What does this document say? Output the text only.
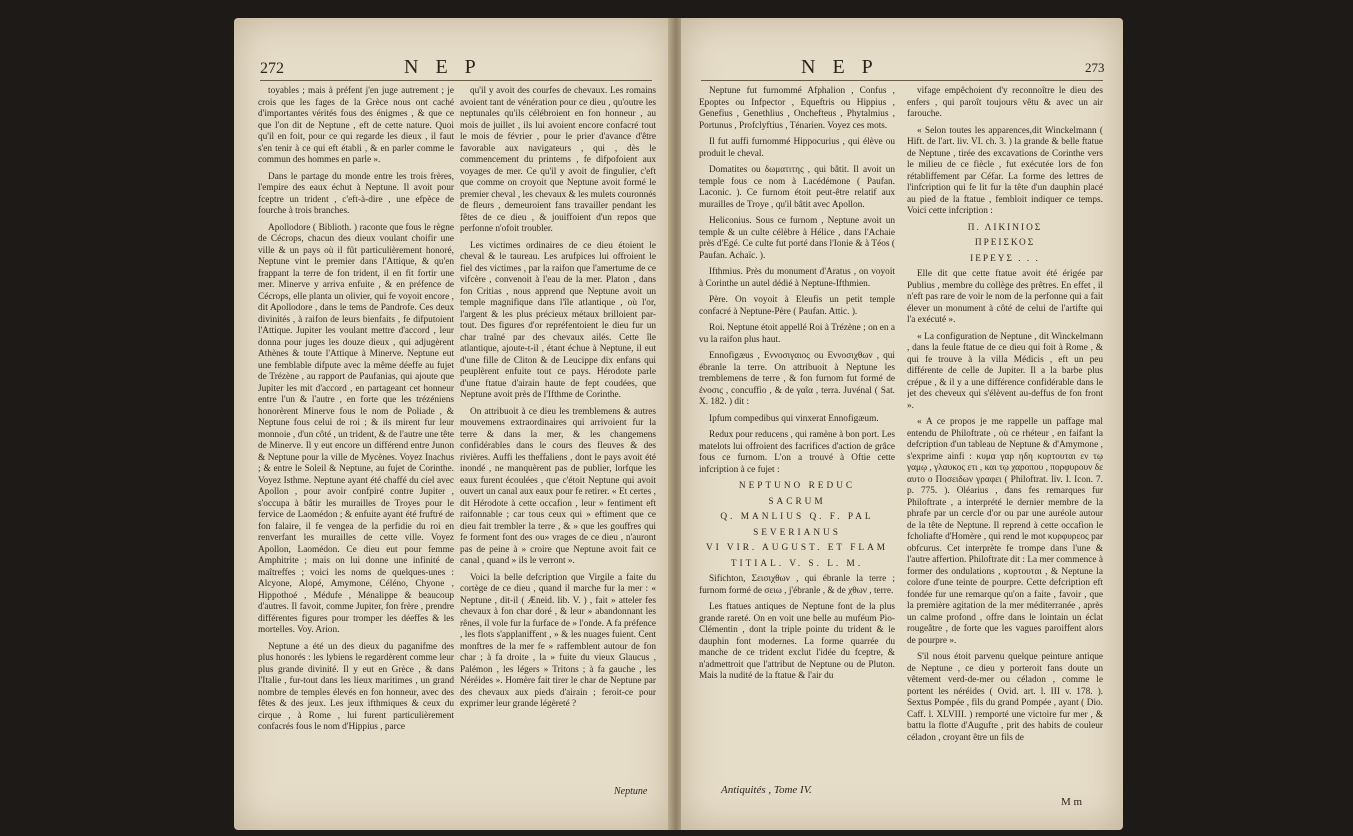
272	N E P

toyables ; mais à préfent j'en juge autrement ; je crois que les fages de la Grèce nous ont caché d'importantes vérités fous des énigmes , & que ce que l'on dit de Neptune , eft de cette nature. Quoi qu'il en foit, pour ce qui regarde les dieux , il faut s'en tenir à ce qui eft établi , & en parler comme le commun des hommes en parle ».

Dans le partage du monde entre les trois frères, l'empire des eaux échut à Neptune. Il avoit pour fceptre un trident , c'eft-à-dire , une efpèce de fourche à trois branches.

Apollodore ( Biblioth. ) raconte que fous le règne de Cécrops, chacun des dieux voulant choifir une ville & un pays où il fût particulièrement honoré, Neptune vint le premier dans l'Attique, & qu'en frappant la terre de fon trident, il en fit fortir une mer. Minerve y arriva enfuite , & en préfence de Cécrops, elle planta un olivier, qui fe voyoit encore , dit Apollodore , dans le tems de Pandrofe. Ces deux divinités , à raifon de leurs bienfaits , fe difputoient l'Attique. Jupiter les voulant mettre d'accord , leur donna pour juges les douze dieux , qui adjugèrent Athènes & toute l'Attique à Minerve. Neptune eut une femblable difpute avec la même déeffe au fujet de Trézène , au rapport de Paufanias, qui ajoute que Jupiter les mit d'accord , en partageant cet honneur entre l'un & l'autre , en forte que les trézéniens honorèrent Minerve fous le nom de Poliade , & Neptune fous celui de roi ; & ils mirent fur leur monnoie , d'un côté , un trident, & de l'autre une tête de Minerve. Il y eut encore un différend entre Junon & Neptune pour la ville de Mycènes. Voyez Inachus ; & entre le Soleil & Neptune, au fujet de Corinthe. Voyez Isthme. Neptune ayant été chaffé du ciel avec Apollon , pour avoir confpiré contre Jupiter , s'occupa à bâtir les murailles de Troyes pour le fervice de Laomédon ; & enfuite ayant été fruftré de fon falaire, il fe vengea de la perfidie du roi en renverfant les murailles de cette ville. Voyez Apollon, Laomédon. Ce dieu eut pour femme Amphitrite ; mais on lui donne une infinité de maîtreffes ; voici les noms de quelques-unes : Alcyone, Alopé, Amymone, Céléno, Chyone , Hippothoé , Médufe , Ménalippe & beaucoup d'autres. Il favoit, comme Jupiter, fon frère , prendre différentes figures pour tromper les déeffes & les mortelles. Voy. Arion.

Neptune a été un des dieux du paganifme des plus honorés : les lybiens le regardèrent comme leur plus grande divinité. Il y eut en Grèce , & dans l'Italie , fur-tout dans les lieux maritimes , un grand nombre de temples élevés en fon honneur, avec des fêtes & des jeux. Les jeux ifthmiques & ceux du cirque , à Rome , lui furent particulièrement confacrés fous le nom d'Hippius , parce

qu'il y avoit des courfes de chevaux. Les romains avoient tant de vénération pour ce dieu , qu'outre les neptunales qu'ils célébroient en fon honneur , au mois de juillet , ils lui avoient encore confacré tout le mois de février , pour le prier d'avance d'être favorable aux navigateurs , qui , dès le commencement du printems , fe difpofoient aux voyages de mer. Ce qu'il y avoit de fingulier, c'eft que comme on croyoit que Neptune avoit formé le premier cheval , les chevaux & les mulets couronnés de fleurs , demeuroient fans travailler pendant les fêtes de ce dieu , & jouiffoient d'un repos que perfonne n'ofoit troubler.

Les victimes ordinaires de ce dieu étoient le cheval & le taureau. Les arufpices lui offroient le fiel des victimes , par la raifon que l'amertume de ce vifcère , convenoit à l'eau de la mer. Platon , dans fon Critias , nous apprend que Neptune avoit un temple magnifique dans l'île atlantique , où l'or, l'argent & les plus précieux métaux brilloient par-tout. Des figures d'or repréfentoient le dieu fur un char traîné par des chevaux ailés. Cette île atlantique, ajoute-t-il , étant échue à Neptune, il eut d'une fille de Cliton & de Leucippe dix enfans qui peuplèrent enfuite tout ce pays. Hérodote parle d'une ftatue d'airain haute de fept coudées, que Neptune avoit près de l'Ifthme de Corinthe.

On attribuoit à ce dieu les tremblemens & autres mouvemens extraordinaires qui arrivoient fur la terre & dans la mer, & les changemens confidérables dans le cours des fleuves & des rivières. Auffi les theffaliens , dont le pays avoit été inondé , ne manquèrent pas de publier, lorfque les eaux furent écoulées , que c'étoit Neptune qui avoit ouvert un canal aux eaux pour fe retirer. « Et certes , dit Hérodote à cette occafion , leur » fentiment eft raifonnable ; car tous ceux qui » eftiment que ce dieu fait trembler la terre , & » que les gouffres qui fe forment font des ou» vrages de ce dieu , n'auront pas de peine à » croire que Neptune avoit fait ce canal , quand » ils le verront ».

Voici la belle defcription que Virgile a faite du cortège de ce dieu , quand il marche fur la mer : « Neptune , dit-il ( Æneid. lib. V. ) , fait » atteler fes chevaux à fon char doré , & leur » abandonnant les rênes, il vole fur la furface de » l'onde. A fa préfence , les flots s'applaniffent , » & les nuages fuient. Cent monftres de la mer fe » raffemblent autour de fon char ; à fa droite , la » fuite du vieux Glaucus , Palémon , les légers » Tritons ; à fa gauche , les Néréides ». Homère fait tirer le char de Neptune par des chevaux aux pieds d'airain ; feroit-ce pour exprimer leur grande légèreté ?

Neptune
N E P	273

Neptune fut furnommé Afphalion , Confus , Epoptes ou Infpector , Equeftris ou Hippius , Genefius , Genethlius , Onchefteus , Phytalmius , Portunus , Profclyftius , Ténarien. Voyez ces mots.

Il fut auffi furnommé Hippocurius , qui élève ou produit le cheval.

Domatites ou δωματιτης , qui bâtit. Il avoit un temple fous ce nom à Lacédémone ( Paufan. Laconic. ). Ce furnom étoit peut-être relatif aux murailles de Troye , qu'il bâtit avec Apollon.

Heliconius. Sous ce furnom , Neptune avoit un temple & un culte célèbre à Hélice , dans l'Achaie près d'Egé. Ce culte fut porté dans l'Ionie & à Téos ( Paufan. Achaïc. ).

Ifthmius. Près du monument d'Aratus , on voyoit à Corinthe un autel dédié à Neptune-Ifthmien.

Père. On voyoit à Eleufis un petit temple confacré à Neptune-Père ( Paufan. Attic. ).

Roi. Neptune étoit appellé Roi à Trézène ; on en a vu la raifon plus haut.

Ennofigæus , Εννοσιγαιος ou Εννοσιχθων , qui ébranle la terre. On attribuoit à Neptune les tremblemens de terre , & fon furnom fut formé de ἐνοσις , concuffio , & de γαῖα , terra. Juvénal ( Sat. X. 182. ) dit :

Ipfum compedibus qui vinxerat Ennofigæum.

Redux pour reducens , qui ramène à bon port. Les matelots lui offroient des facrifices d'action de grâce fous ce furnom. L'on a trouvé à Oftie cette infcription à ce fujet :

NEPTUNO REDUC

SACRUM

Q. MANLIUS Q. F. PAL

SEVERIANUS

VI VIR. AUGUST. ET FLAM

TITIAL. V. S. L. M.

Sifichton, Σεισιχθων , qui ébranle la terre ; furnom formé de σειω , j'ébranle , & de χθων , terre.

Les ftatues antiques de Neptune font de la plus grande rareté. On en voit une belle au muféum Pio-Clémentin , dont la triple pointe du trident & le dauphin font modernes. La forme quarrée du manche de ce trident exclut l'idée du fceptre, & n'admettroit que l'attribut de Neptune ou de Pluton. Mais la nudité de la ftatue & l'air du

Antiquités , Tome IV.

vifage empêchoient d'y reconnoître le dieu des enfers , qui paroît toujours vêtu & avec un air farouche.

« Selon toutes les apparences,dit Winckelmann ( Hift. de l'art. liv. VI. ch. 3. ) la grande & belle ftatue de Neptune , tirée des excavations de Corinthe vers le milieu de ce fiècle , fut exécutée lors de fon rétabliffement par Céfar. La forme des lettres de l'infcription qui fe lit fur la tête d'un dauphin placé au pied de la ftatue , fembloit indiquer ce temps. Voici cette infcription :

Π. ΛΙΚΙΝΙΟΣ

ΠΡΕΙΣΚΟΣ

ΙΕΡΕΥΣ . . .

Elle dit que cette ftatue avoit été érigée par Publius , membre du collège des prêtres. En effet , il n'eft pas rare de voir le nom de la perfonne qui a fait élever un monument à côté de celui de l'artifte qui l'a exécuté ».

« La configuration de Neptune , dit Winckelmann , dans la feule ftatue de ce dieu qui foit à Rome , & qui fe trouve à la villa Médicis , eft un peu différente de celle de Jupiter. Il a la barbe plus crépue , & il y a une différence confidérable dans le jet des cheveux qui s'élèvent au-deffus de fon front ».

« A ce propos je me rappelle un paffage mal entendu de Philoftrate , où ce rhéteur , en faifant la defcription d'un tableau de Neptune & d'Amymone , s'exprime ainfi : κυμα γαρ ηδη κυρτουται εν τῳ γαμῳ , γλαυκος ετι , και τῳ χαροπου , πορφυρουν δε αυτο ο Ποσειδων γραφει ( Philoftrat. liv. I. Icon. 7. p. 775. ). Oléarius , dans fes remarques fur Philoftrate , a interprété le dernier membre de la phrafe par un cercle d'or ou par une auréole autour de la tête de Neptune. Il reprend à cette occafion le fcholiafte d'Homère , qui rend le mot κυρφυρεος par obfcurus. Cet interprète fe trompe dans l'une & l'autre affertion. Philoftrate dit : La mer commence à former des ondulations , κυρτουται , & Neptune la colore d'une teinte de pourpre. Cette defcription eft fondée fur une remarque qu'on a faite , favoir , que la première agitation de la mer méditerranée , après un calme profond , offre dans le lointain un éclat rougeâtre , de forte que les vagues paroiffent alors de pourpre ».

S'il nous étoit parvenu quelque peinture antique de Neptune , ce dieu y porteroit fans doute un vêtement verd-de-mer ou céladon , comme le portent les néréides ( Ovid. art. l. III v. 178. ). Sextus Pompée , fils du grand Pompée , ayant ( Dio. Caff. l. XLVIII. ) remporté une victoire fur mer , & battu la flotte d'Augufte , prit des habits de couleur céladon , croyant être un fils de

M m
